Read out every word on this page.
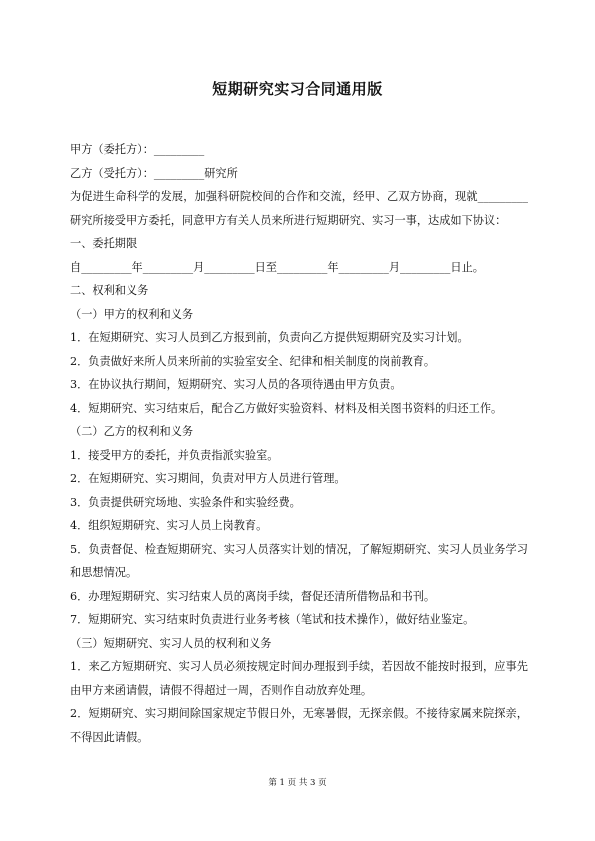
短期研究实习合同通用版
甲方（委托方）：_________
乙方（受托方）：_________研究所
为促进生命科学的发展，加强科研院校间的合作和交流，经甲、乙双方协商，现就_________研究所接受甲方委托，同意甲方有关人员来所进行短期研究、实习一事，达成如下协议：
一、委托期限
自_________年_________月_________日至_________年_________月_________日止。
二、权利和义务
（一）甲方的权利和义务
1．在短期研究、实习人员到乙方报到前，负责向乙方提供短期研究及实习计划。
2．负责做好来所人员来所前的实验室安全、纪律和相关制度的岗前教育。
3．在协议执行期间，短期研究、实习人员的各项待遇由甲方负责。
4．短期研究、实习结束后，配合乙方做好实验资料、材料及相关图书资料的归还工作。
（二）乙方的权利和义务
1．接受甲方的委托，并负责指派实验室。
2．在短期研究、实习期间，负责对甲方人员进行管理。
3．负责提供研究场地、实验条件和实验经费。
4．组织短期研究、实习人员上岗教育。
5．负责督促、检查短期研究、实习人员落实计划的情况，了解短期研究、实习人员业务学习和思想情况。
6．办理短期研究、实习结束人员的离岗手续，督促还清所借物品和书刊。
7．短期研究、实习结束时负责进行业务考核（笔试和技术操作），做好结业鉴定。
（三）短期研究、实习人员的权利和义务
1．来乙方短期研究、实习人员必须按规定时间办理报到手续，若因故不能按时报到，应事先由甲方来函请假，请假不得超过一周，否则作自动放弃处理。
2．短期研究、实习期间除国家规定节假日外，无寒暑假，无探亲假。不接待家属来院探亲，不得因此请假。
第 1 页 共 3 页
